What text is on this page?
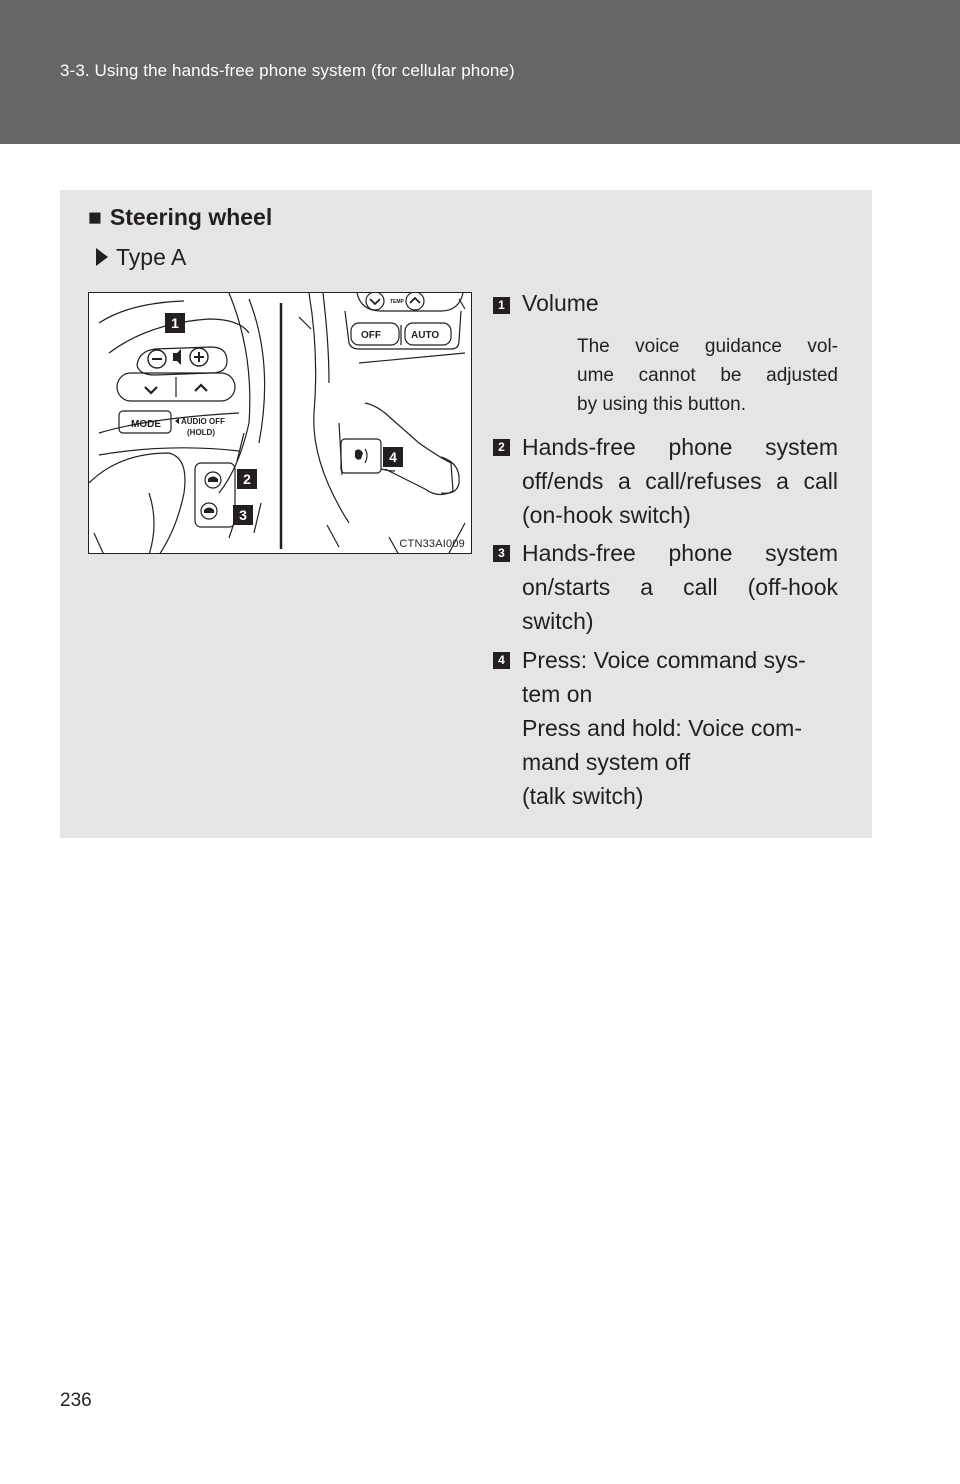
3-3. Using the hands-free phone system (for cellular phone)
■ Steering wheel
Type A
1
2
3
4
MODE	AUDIO OFF
(HOLD)
OFF	AUTO
TEMP
CTN33AI009
1 Volume
The voice guidance vol-
ume cannot be adjusted
by using this button.
2 Hands-free phone system
off/ends a call/refuses a call
(on-hook switch)
3 Hands-free phone system
on/starts a call (off-hook
switch)
4 Press: Voice command sys-
tem on
Press and hold: Voice com-
mand system off
(talk switch)
236
